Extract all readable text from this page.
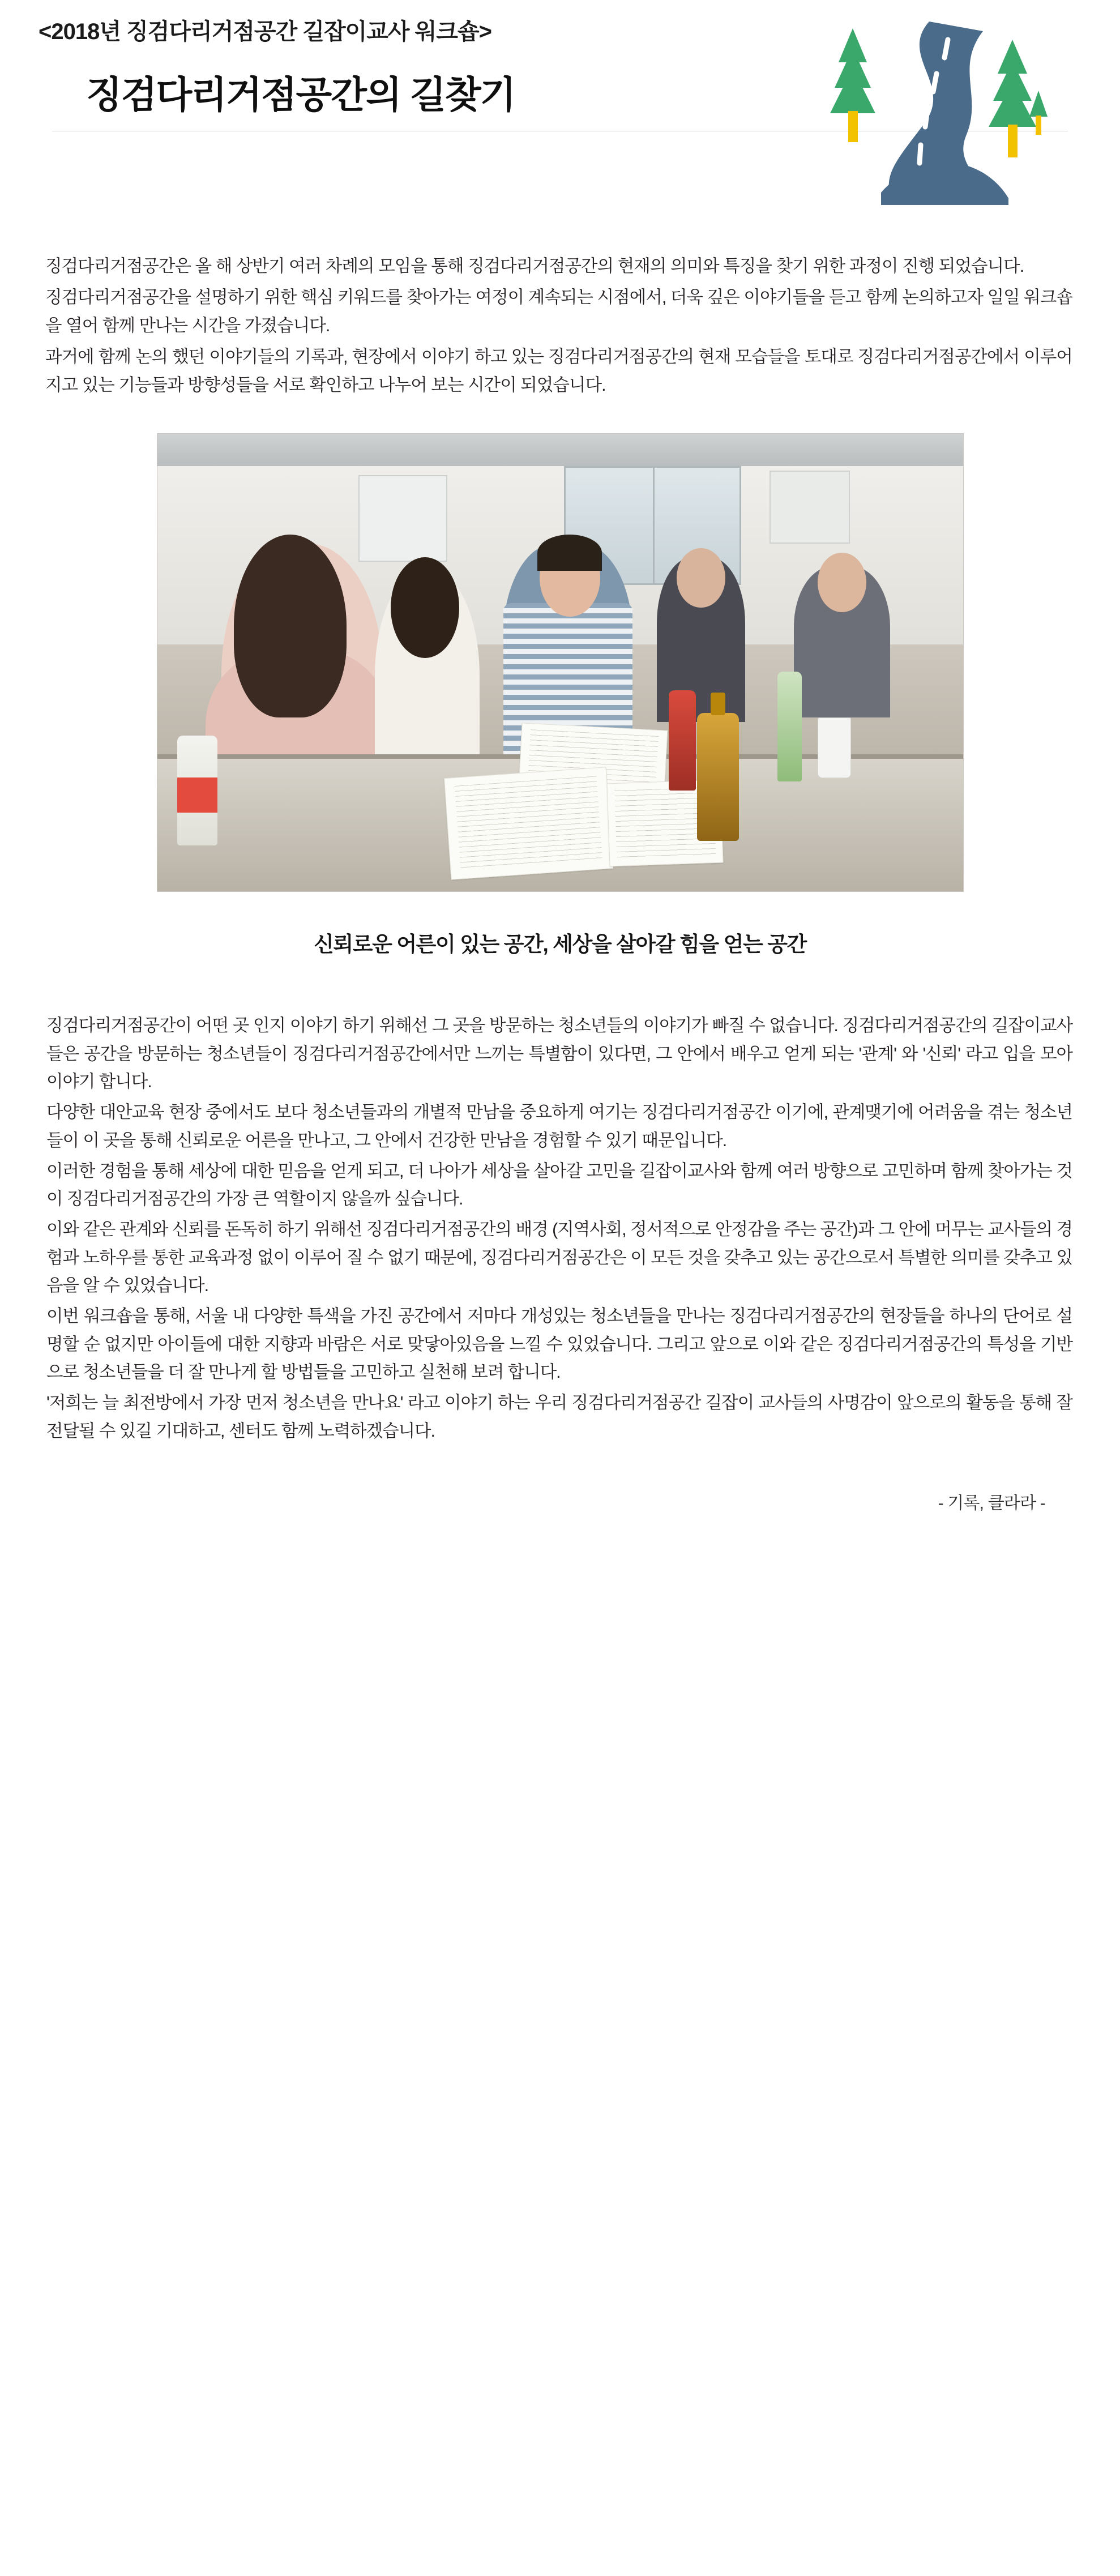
<2018년 징검다리거점공간 길잡이교사 워크숍>
징검다리거점공간의 길찾기

징검다리거점공간은 올 해 상반기 여러 차례의 모임을 통해 징검다리거점공간의 현재의 의미와 특징을 찾기 위한 과정이 진행 되었습니다.

징검다리거점공간을 설명하기 위한 핵심 키워드를 찾아가는 여정이 계속되는 시점에서, 더욱 깊은 이야기들을 듣고 함께 논의하고자 일일 워크숍을 열어 함께 만나는 시간을 가졌습니다.

과거에 함께 논의 했던 이야기들의 기록과, 현장에서 이야기 하고 있는 징검다리거점공간의 현재 모습들을 토대로 징검다리거점공간에서 이루어지고 있는 기능들과 방향성들을 서로 확인하고 나누어 보는 시간이 되었습니다.

신뢰로운 어른이 있는 공간, 세상을 살아갈 힘을 얻는 공간

징검다리거점공간이 어떤 곳 인지 이야기 하기 위해선 그 곳을 방문하는 청소년들의 이야기가 빠질 수 없습니다. 징검다리거점공간의 길잡이교사들은 공간을 방문하는 청소년들이 징검다리거점공간에서만 느끼는 특별함이 있다면, 그 안에서 배우고 얻게 되는 '관계' 와 '신뢰' 라고 입을 모아 이야기 합니다.

다양한 대안교육 현장 중에서도 보다 청소년들과의 개별적 만남을 중요하게 여기는 징검다리거점공간 이기에, 관계맺기에 어려움을 겪는 청소년들이 이 곳을 통해 신뢰로운 어른을 만나고, 그 안에서 건강한 만남을 경험할 수 있기 때문입니다.

이러한 경험을 통해 세상에 대한 믿음을 얻게 되고, 더 나아가 세상을 살아갈 고민을 길잡이교사와 함께 여러 방향으로 고민하며 함께 찾아가는 것이 징검다리거점공간의 가장 큰 역할이지 않을까 싶습니다.

이와 같은 관계와 신뢰를 돈독히 하기 위해선 징검다리거점공간의 배경 (지역사회, 정서적으로 안정감을 주는 공간)과 그 안에 머무는 교사들의 경험과 노하우를 통한 교육과정 없이 이루어 질 수 없기 때문에, 징검다리거점공간은 이 모든 것을 갖추고 있는 공간으로서 특별한 의미를 갖추고 있음을 알 수 있었습니다.

이번 워크숍을 통해, 서울 내 다양한 특색을 가진 공간에서 저마다 개성있는 청소년들을 만나는 징검다리거점공간의 현장들을 하나의 단어로 설명할 순 없지만 아이들에 대한 지향과 바람은 서로 맞닿아있음을 느낄 수 있었습니다. 그리고 앞으로 이와 같은 징검다리거점공간의 특성을 기반으로 청소년들을 더 잘 만나게 할 방법들을 고민하고 실천해 보려 합니다.

'저희는 늘 최전방에서 가장 먼저 청소년을 만나요' 라고 이야기 하는 우리 징검다리거점공간 길잡이 교사들의 사명감이 앞으로의 활동을 통해 잘 전달될 수 있길 기대하고, 센터도 함께 노력하겠습니다.

- 기록, 클라라 -
